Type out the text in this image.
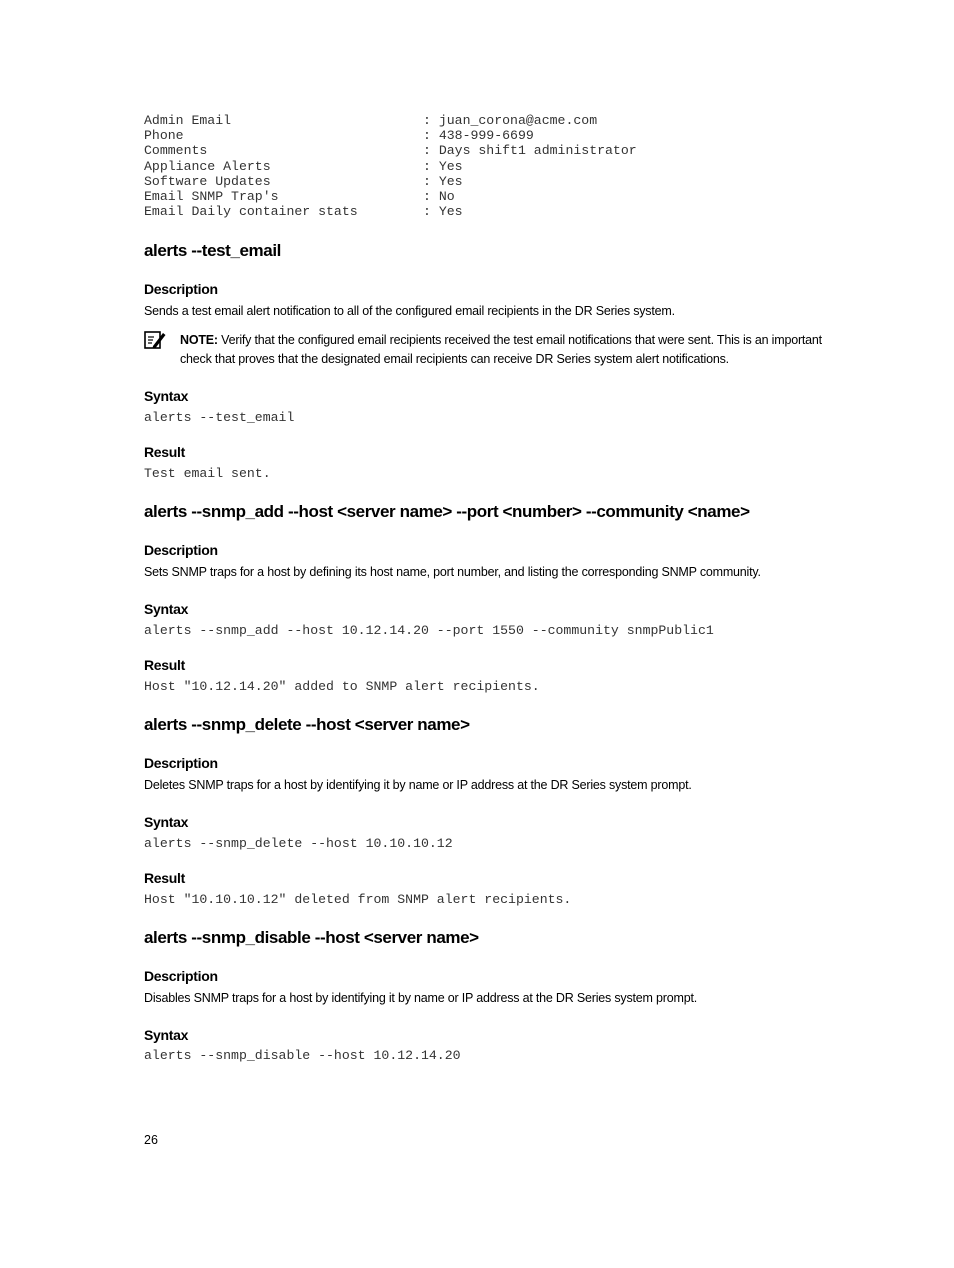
Admin Email	: juan_corona@acme.com
Phone	: 438-999-6699
Comments	: Days shift1 administrator
Appliance Alerts	: Yes
Software Updates	: Yes
Email SNMP Trap's	: No
Email Daily container stats	: Yes
alerts --test_email
Description

Sends a test email alert notification to all of the configured email recipients in the DR Series system.

NOTE: Verify that the configured email recipients received the test email notifications that were sent. This is an important check that proves that the designated email recipients can receive DR Series system alert notifications.

Syntax
alerts --test_email
Result
Test email sent.
alerts --snmp_add --host <server name> --port <number> --community <name>
Description

Sets SNMP traps for a host by defining its host name, port number, and listing the corresponding SNMP community.

Syntax
alerts --snmp_add --host 10.12.14.20 --port 1550 --community snmpPublic1
Result
Host "10.12.14.20" added to SNMP alert recipients.
alerts --snmp_delete --host <server name>
Description

Deletes SNMP traps for a host by identifying it by name or IP address at the DR Series system prompt.

Syntax
alerts --snmp_delete --host 10.10.10.12
Result
Host "10.10.10.12" deleted from SNMP alert recipients.
alerts --snmp_disable --host <server name>
Description

Disables SNMP traps for a host by identifying it by name or IP address at the DR Series system prompt.

Syntax
alerts --snmp_disable --host 10.12.14.20
26
